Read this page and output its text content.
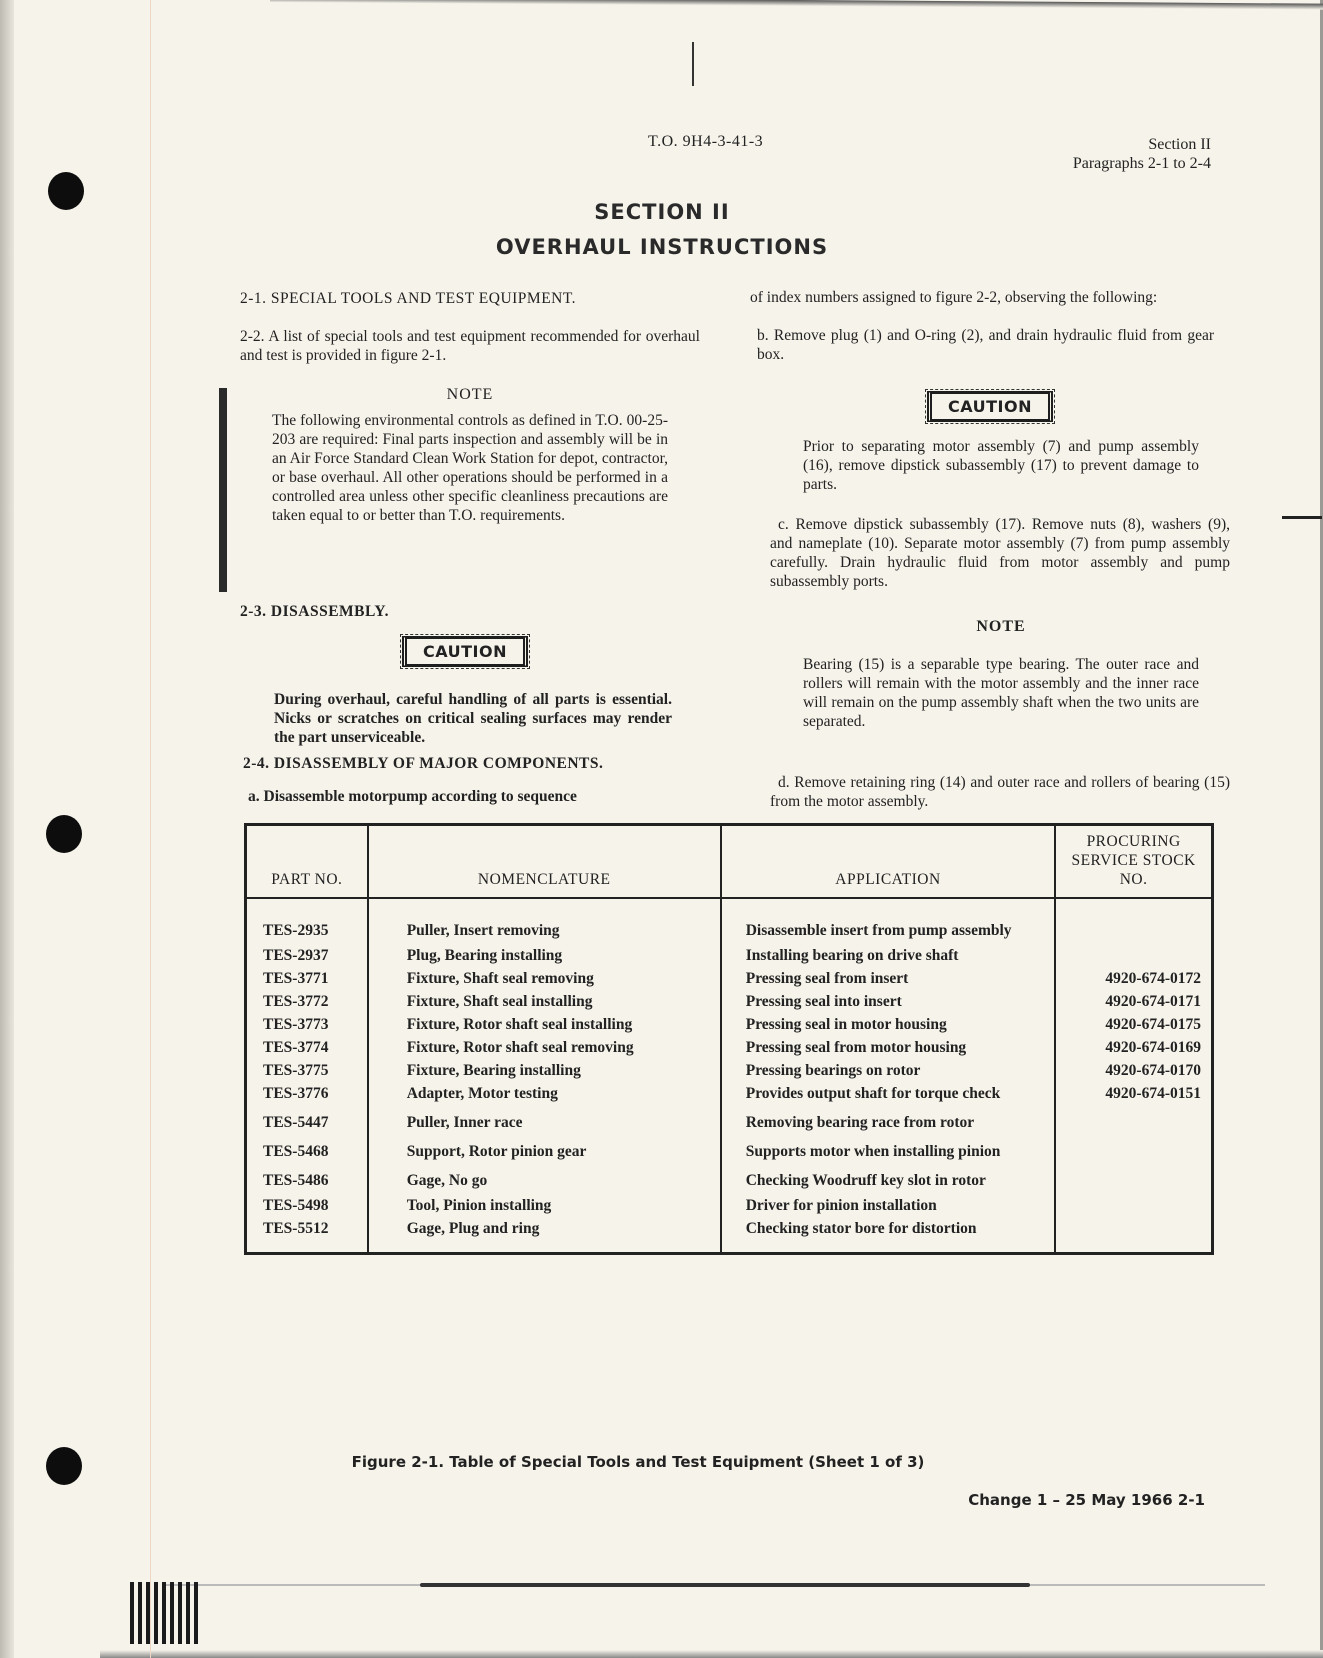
T.O. 9H4-3-41-3	Section II
Paragraphs 2-1 to 2-4
SECTION II
OVERHAUL INSTRUCTIONS

2-1. SPECIAL TOOLS AND TEST EQUIPMENT.

2-2. A list of special tools and test equipment recommended for overhaul and test is provided in figure 2-1.

NOTE

The following environmental controls as defined in T.O. 00-25-203 are required: Final parts inspection and assembly will be in an Air Force Standard Clean Work Station for depot, contractor, or base overhaul. All other operations should be performed in a controlled area unless other specific cleanliness precautions are taken equal to or better than T.O. requirements.

2-3. DISASSEMBLY.

CAUTION

During overhaul, careful handling of all parts is essential. Nicks or scratches on critical sealing surfaces may render the part unserviceable.

2-4. DISASSEMBLY OF MAJOR COMPONENTS.

a. Disassemble motorpump according to sequence

of index numbers assigned to figure 2-2, observing the following:

b. Remove plug (1) and O-ring (2), and drain hydraulic fluid from gear box.

CAUTION

Prior to separating motor assembly (7) and pump assembly (16), remove dipstick subassembly (17) to prevent damage to parts.

c. Remove dipstick subassembly (17). Remove nuts (8), washers (9), and nameplate (10). Separate motor assembly (7) from pump assembly carefully. Drain hydraulic fluid from motor assembly and pump subassembly ports.

NOTE

Bearing (15) is a separable type bearing. The outer race and rollers will remain with the motor assembly and the inner race will remain on the pump assembly shaft when the two units are separated.

d. Remove retaining ring (14) and outer race and rollers of bearing (15) from the motor assembly.

PART NO.	NOMENCLATURE	APPLICATION	PROCURING SERVICE STOCK NO.
TES-2935	Puller, Insert removing	Disassemble insert from pump assembly	
TES-2937	Plug, Bearing installing	Installing bearing on drive shaft	
TES-3771	Fixture, Shaft seal removing	Pressing seal from insert	4920-674-0172
TES-3772	Fixture, Shaft seal installing	Pressing seal into insert	4920-674-0171
TES-3773	Fixture, Rotor shaft seal installing	Pressing seal in motor housing	4920-674-0175
TES-3774	Fixture, Rotor shaft seal removing	Pressing seal from motor housing	4920-674-0169
TES-3775	Fixture, Bearing installing	Pressing bearings on rotor	4920-674-0170
TES-3776	Adapter, Motor testing	Provides output shaft for torque check	4920-674-0151
TES-5447	Puller, Inner race	Removing bearing race from rotor	
TES-5468	Support, Rotor pinion gear	Supports motor when installing pinion	
TES-5486	Gage, No go	Checking Woodruff key slot in rotor	
TES-5498	Tool, Pinion installing	Driver for pinion installation	
TES-5512	Gage, Plug and ring	Checking stator bore for distortion	
Figure 2-1. Table of Special Tools and Test Equipment (Sheet 1 of 3)
Change 1 – 25 May 1966 2-1
